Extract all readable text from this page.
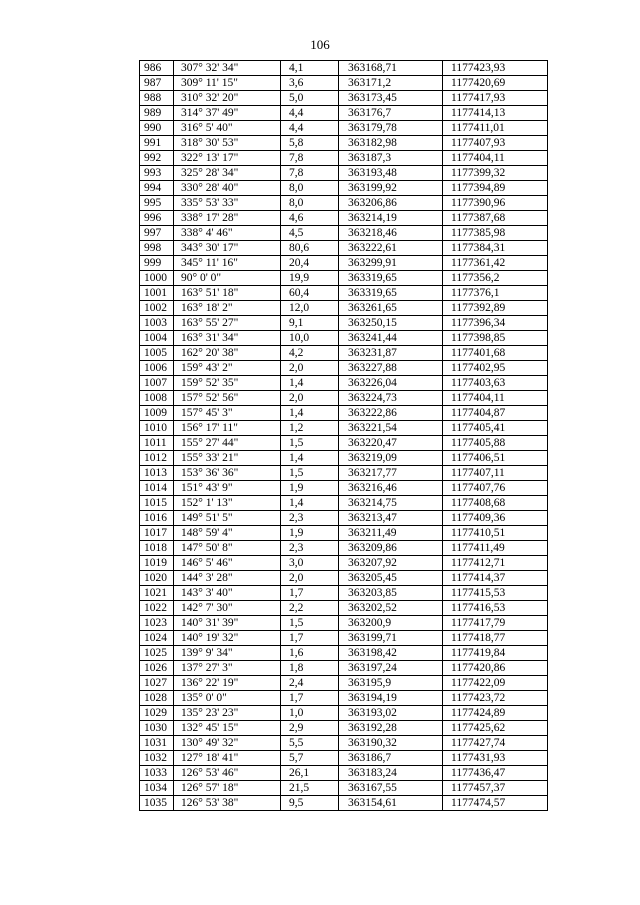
106
986	307° 32' 34"	4,1	363168,71	1177423,93
987	309° 11' 15"	3,6	363171,2	1177420,69
988	310° 32' 20"	5,0	363173,45	1177417,93
989	314° 37' 49"	4,4	363176,7	1177414,13
990	316° 5' 40"	4,4	363179,78	1177411,01
991	318° 30' 53"	5,8	363182,98	1177407,93
992	322° 13' 17"	7,8	363187,3	1177404,11
993	325° 28' 34"	7,8	363193,48	1177399,32
994	330° 28' 40"	8,0	363199,92	1177394,89
995	335° 53' 33"	8,0	363206,86	1177390,96
996	338° 17' 28"	4,6	363214,19	1177387,68
997	338° 4' 46"	4,5	363218,46	1177385,98
998	343° 30' 17"	80,6	363222,61	1177384,31
999	345° 11' 16"	20,4	363299,91	1177361,42
1000	90° 0' 0"	19,9	363319,65	1177356,2
1001	163° 51' 18"	60,4	363319,65	1177376,1
1002	163° 18' 2"	12,0	363261,65	1177392,89
1003	163° 55' 27"	9,1	363250,15	1177396,34
1004	163° 31' 34"	10,0	363241,44	1177398,85
1005	162° 20' 38"	4,2	363231,87	1177401,68
1006	159° 43' 2"	2,0	363227,88	1177402,95
1007	159° 52' 35"	1,4	363226,04	1177403,63
1008	157° 52' 56"	2,0	363224,73	1177404,11
1009	157° 45' 3"	1,4	363222,86	1177404,87
1010	156° 17' 11"	1,2	363221,54	1177405,41
1011	155° 27' 44"	1,5	363220,47	1177405,88
1012	155° 33' 21"	1,4	363219,09	1177406,51
1013	153° 36' 36"	1,5	363217,77	1177407,11
1014	151° 43' 9"	1,9	363216,46	1177407,76
1015	152° 1' 13"	1,4	363214,75	1177408,68
1016	149° 51' 5"	2,3	363213,47	1177409,36
1017	148° 59' 4"	1,9	363211,49	1177410,51
1018	147° 50' 8"	2,3	363209,86	1177411,49
1019	146° 5' 46"	3,0	363207,92	1177412,71
1020	144° 3' 28"	2,0	363205,45	1177414,37
1021	143° 3' 40"	1,7	363203,85	1177415,53
1022	142° 7' 30"	2,2	363202,52	1177416,53
1023	140° 31' 39"	1,5	363200,9	1177417,79
1024	140° 19' 32"	1,7	363199,71	1177418,77
1025	139° 9' 34"	1,6	363198,42	1177419,84
1026	137° 27' 3"	1,8	363197,24	1177420,86
1027	136° 22' 19"	2,4	363195,9	1177422,09
1028	135° 0' 0"	1,7	363194,19	1177423,72
1029	135° 23' 23"	1,0	363193,02	1177424,89
1030	132° 45' 15"	2,9	363192,28	1177425,62
1031	130° 49' 32"	5,5	363190,32	1177427,74
1032	127° 18' 41"	5,7	363186,7	1177431,93
1033	126° 53' 46"	26,1	363183,24	1177436,47
1034	126° 57' 18"	21,5	363167,55	1177457,37
1035	126° 53' 38"	9,5	363154,61	1177474,57
